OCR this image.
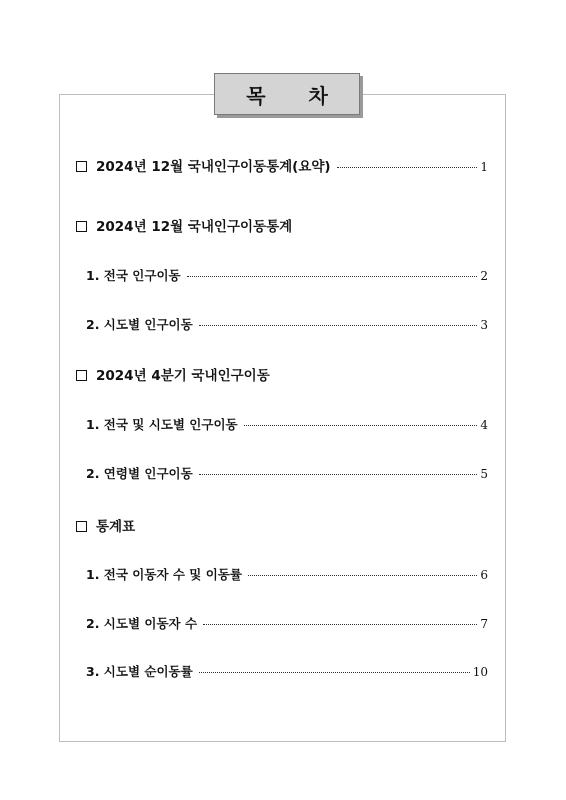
목 차
2024년 12월 국내인구이동통계(요약)	1
2024년 12월 국내인구이동통계
1. 전국 인구이동	2
2. 시도별 인구이동	3
2024년 4분기 국내인구이동
1. 전국 및 시도별 인구이동	4
2. 연령별 인구이동	5
통계표
1. 전국 이동자 수 및 이동률	6
2. 시도별 이동자 수	7
3. 시도별 순이동률	10
